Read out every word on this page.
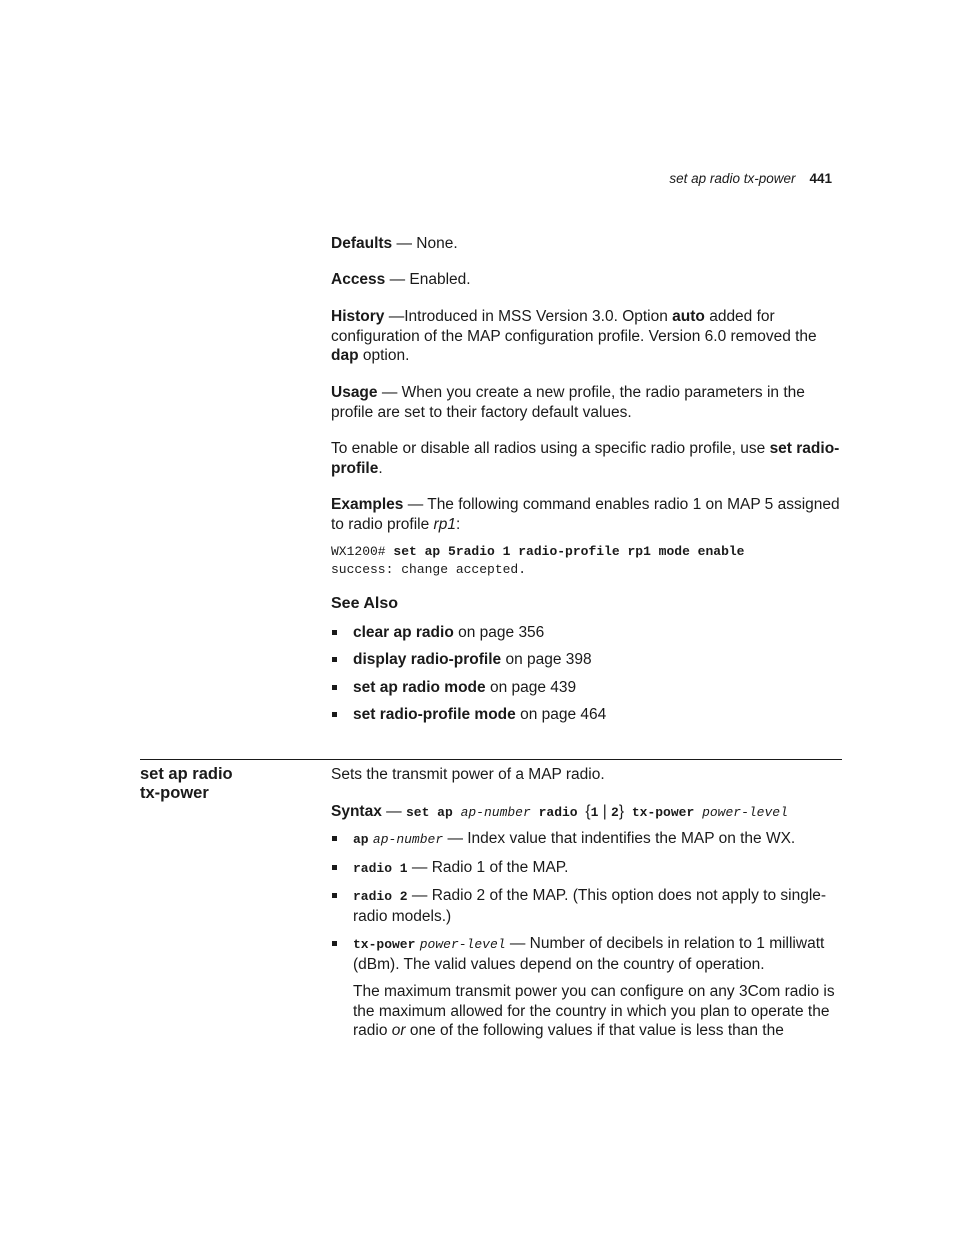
set ap radio tx-power 441

Defaults — None.

Access — Enabled.

History —Introduced in MSS Version 3.0. Option auto added for configuration of the MAP configuration profile. Version 6.0 removed the dap option.

Usage — When you create a new profile, the radio parameters in the profile are set to their factory default values.

To enable or disable all radios using a specific radio profile, use set radio-profile.

Examples — The following command enables radio 1 on MAP 5 assigned to radio profile rp1:

WX1200# set ap 5radio 1 radio-profile rp1 mode enable
success: change accepted.

See Also

clear ap radio on page 356
display radio-profile on page 398
set ap radio mode on page 439
set radio-profile mode on page 464
set ap radio
tx-power

Sets the transmit power of a MAP radio.

Syntax — set ap ap-number radio {1 | 2} tx-power power-level

ap ap-number — Index value that indentifies the MAP on the WX.
radio 1 — Radio 1 of the MAP.
radio 2 — Radio 2 of the MAP. (This option does not apply to single-radio models.)
tx-power power-level — Number of decibels in relation to 1 milliwatt (dBm). The valid values depend on the country of operation.

The maximum transmit power you can configure on any 3Com radio is the maximum allowed for the country in which you plan to operate the radio or one of the following values if that value is less than the
